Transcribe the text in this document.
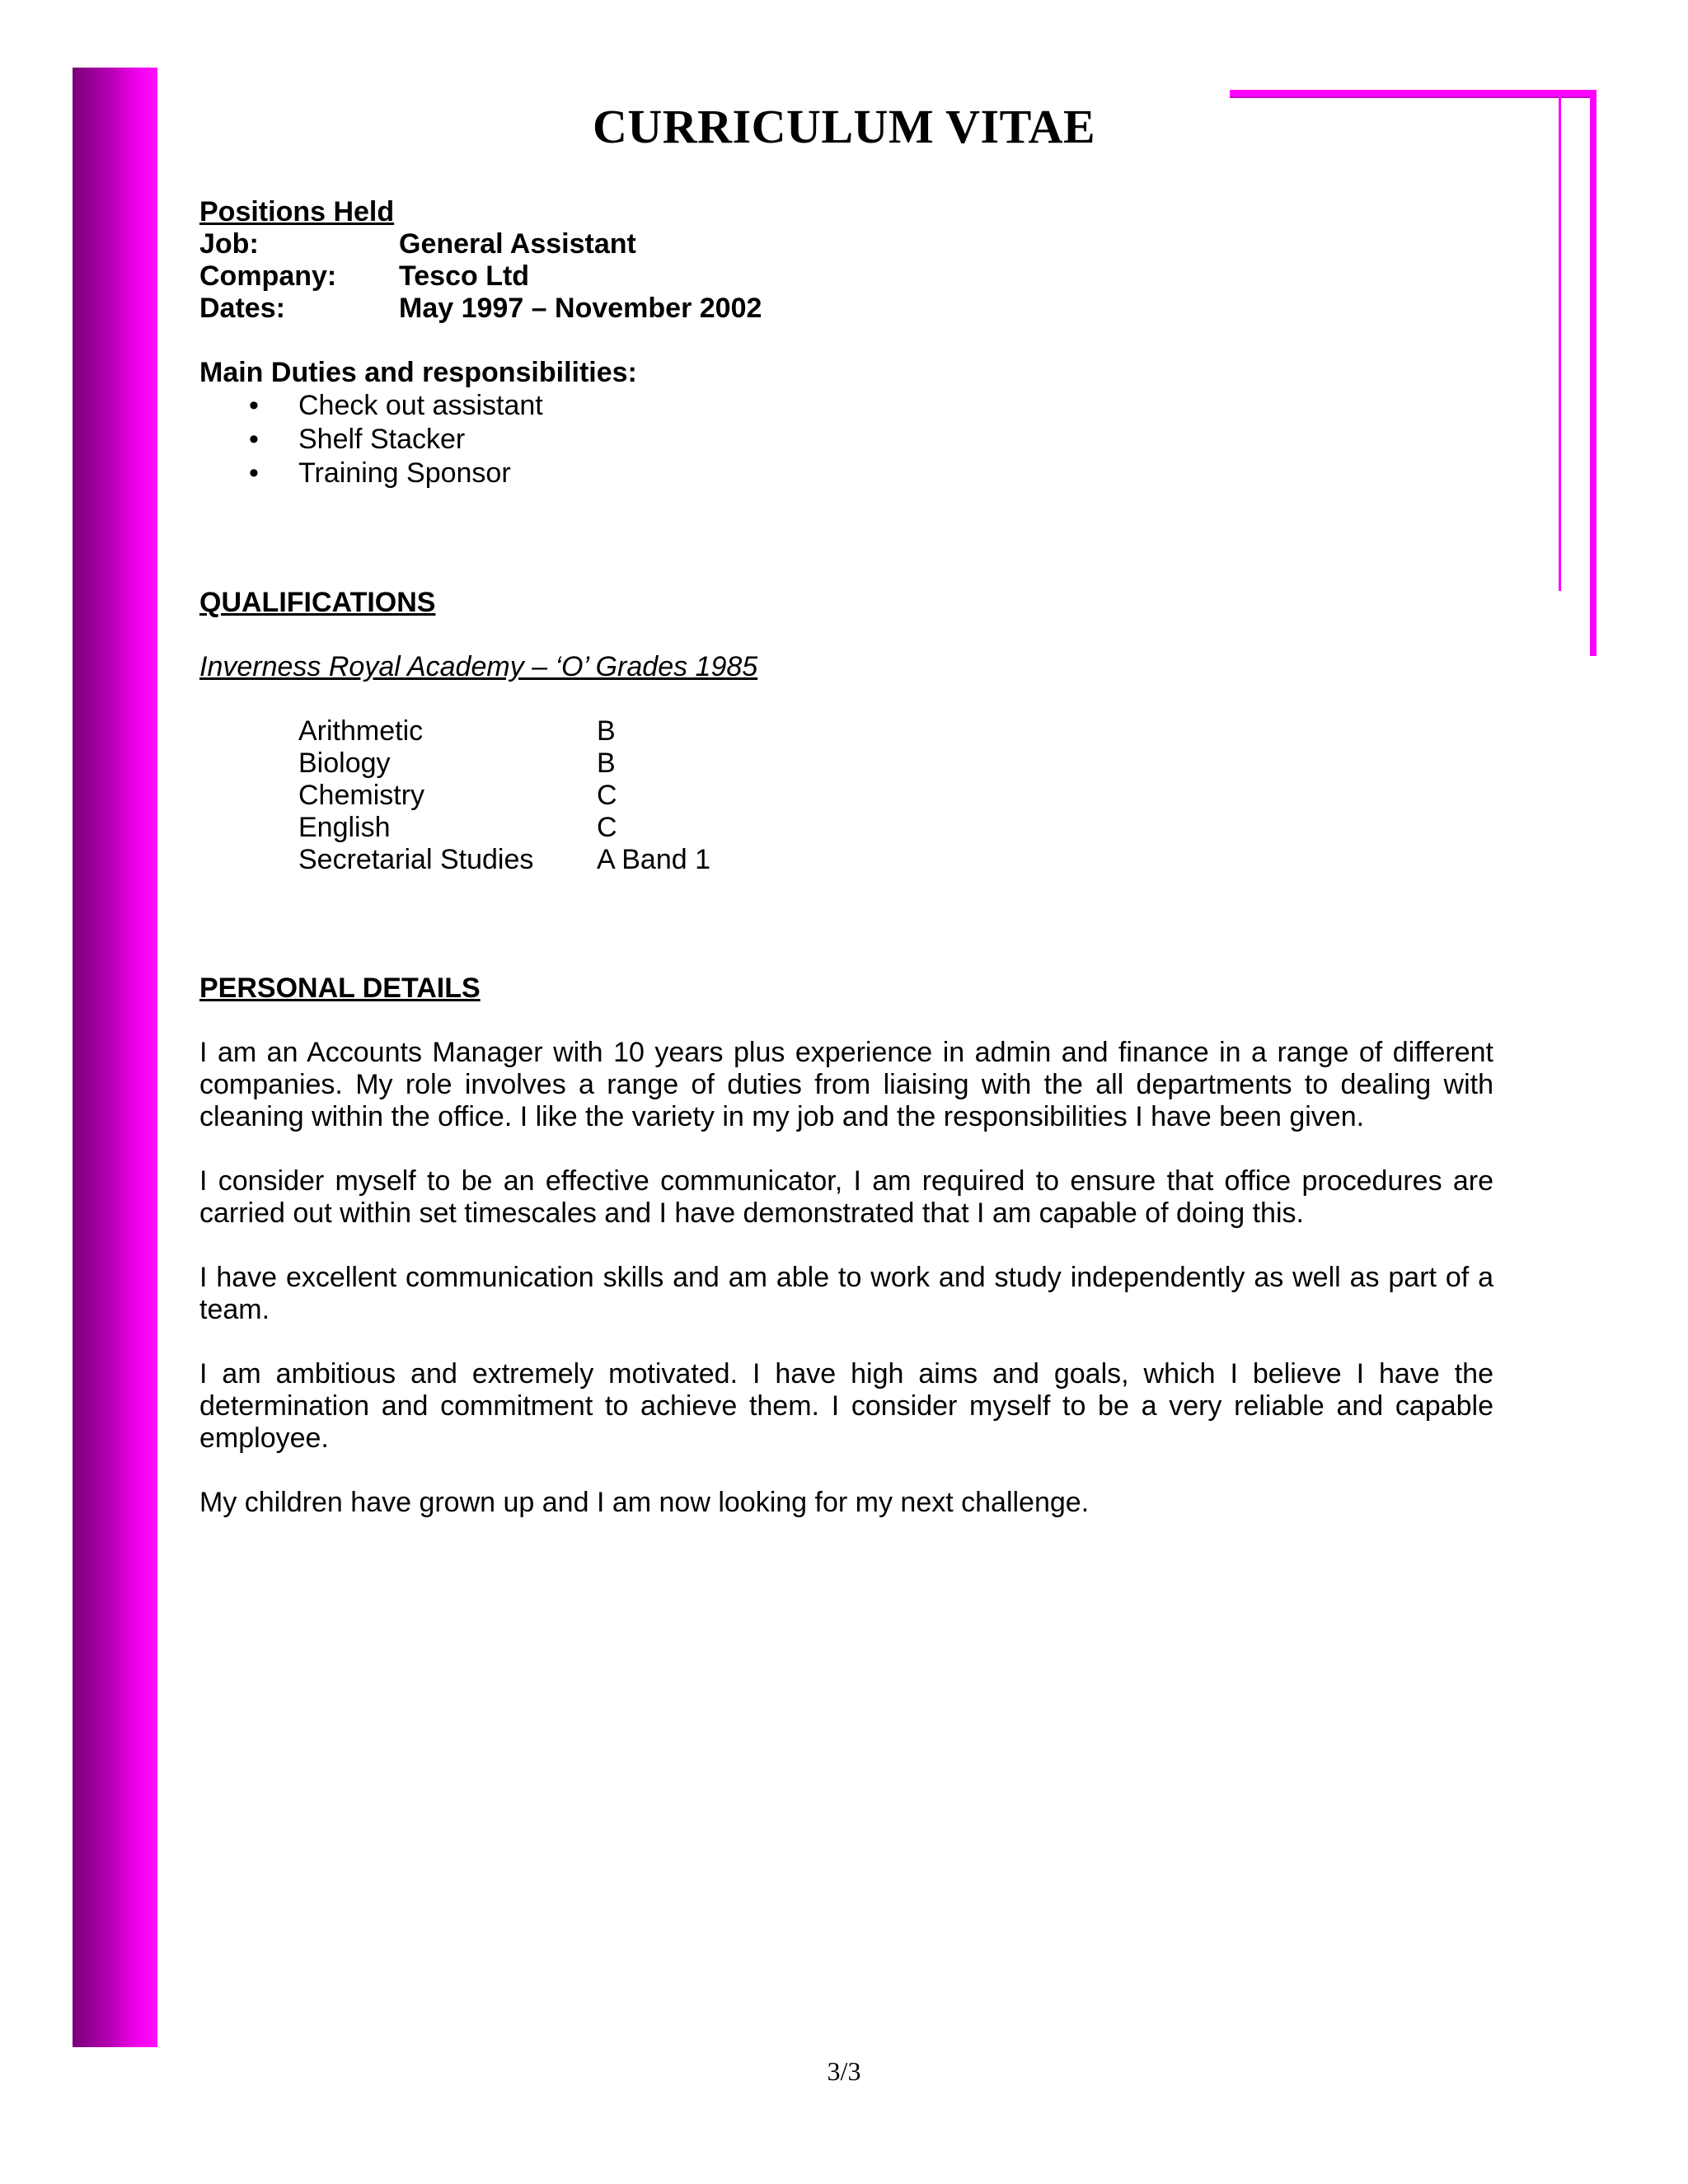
CURRICULUM VITAE
Positions Held
Job:	General Assistant
Company:	Tesco Ltd
Dates:	May 1997 – November 2002
Main Duties and responsibilities:
• Check out assistant
• Shelf Stacker
• Training Sponsor
QUALIFICATIONS
Inverness Royal Academy – ‘O’ Grades 1985
Arithmetic	B
Biology	B
Chemistry	C
English	C
Secretarial Studies	A Band 1
PERSONAL DETAILS

I am an Accounts Manager with 10 years plus experience in admin and finance in a range of different companies. My role involves a range of duties from liaising with the all departments to dealing with cleaning within the office. I like the variety in my job and the responsibilities I have been given.

I consider myself to be an effective communicator, I am required to ensure that office procedures are carried out within set timescales and I have demonstrated that I am capable of doing this.

I have excellent communication skills and am able to work and study independently as well as part of a team.

I am ambitious and extremely motivated. I have high aims and goals, which I believe I have the determination and commitment to achieve them. I consider myself to be a very reliable and capable employee.

My children have grown up and I am now looking for my next challenge.

3/3
